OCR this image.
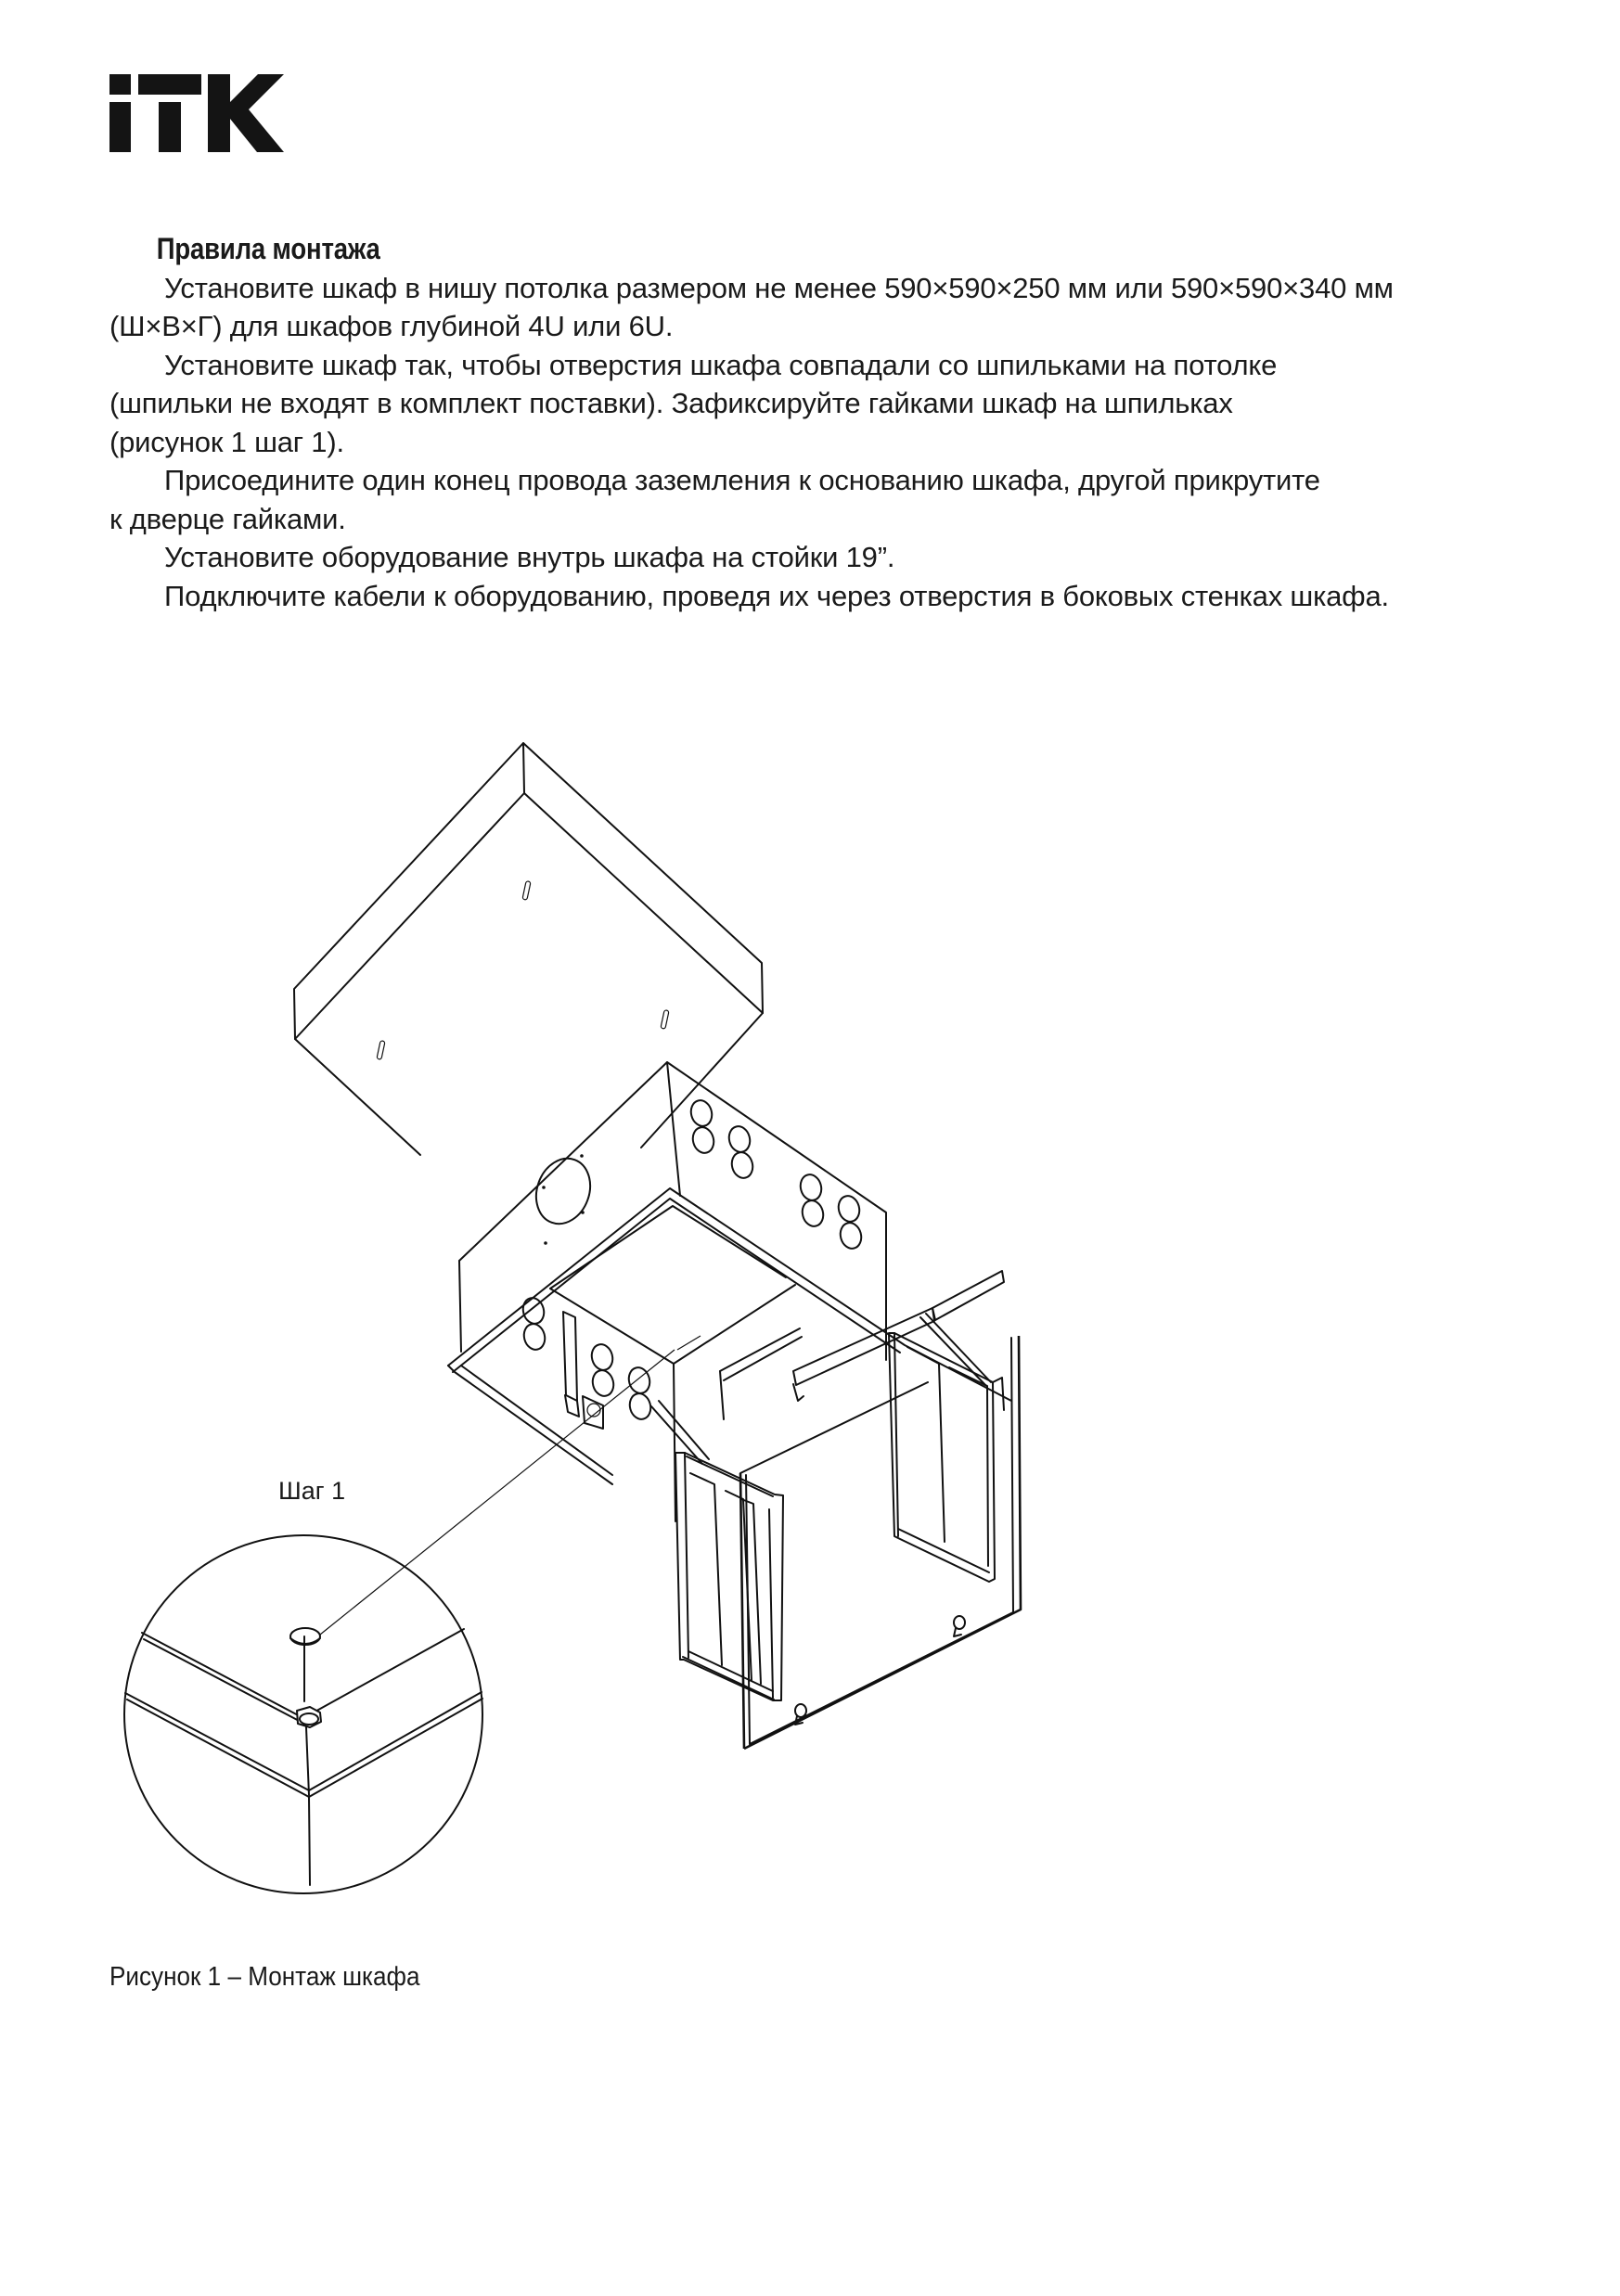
Правила монтажа

Установите шкаф в нишу потолка размером не менее 590×590×250 мм или 590×590×340 мм
(Ш×В×Г) для шкафов глубиной 4U или 6U.

Установите шкаф так, чтобы отверстия шкафа совпадали со шпильками на потолке
(шпильки не входят в комплект поставки). Зафиксируйте гайками шкаф на шпильках
(рисунок 1 шаг 1).

Присоедините один конец провода заземления к основанию шкафа, другой прикрутите
к дверце гайками.

Установите оборудование внутрь шкафа на стойки 19”.

Подключите кабели к оборудованию, проведя их через отверстия в боковых стенках шкафа.

Шаг 1
Рисунок 1 – Монтаж шкафа
